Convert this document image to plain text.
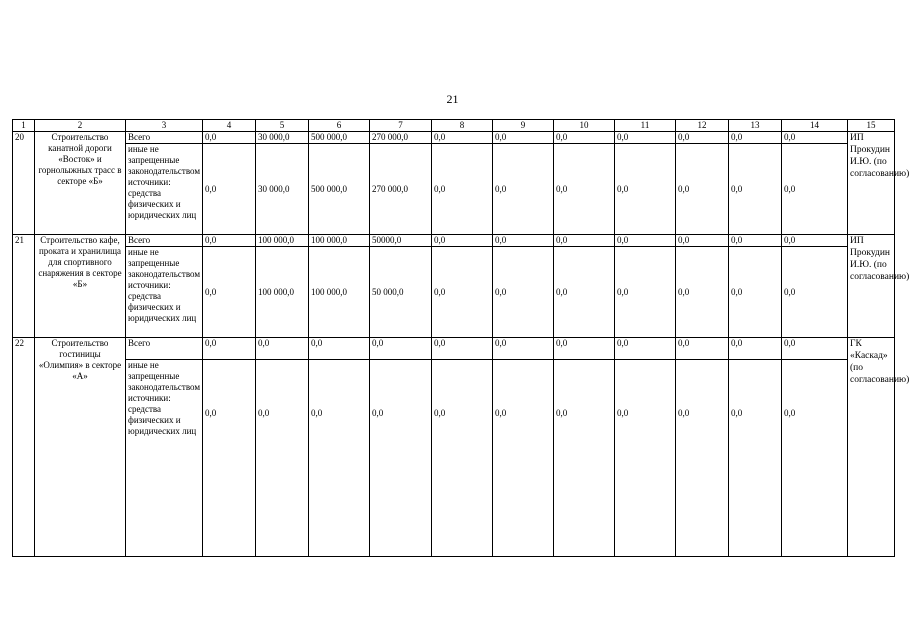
21
1	2	3	4	5	6	7	8	9	10	11	12	13	14	15
20	Строительство канатной дороги «Восток» и горнолыжных трасс в секторе «Б»	Всего	0,0	30 000,0	500 000,0	270 000,0	0,0	0,0	0,0	0,0	0,0	0,0	0,0	ИП Прокудин И.Ю. (по согласованию)
		иные не запрещенные законодательством источники: средства физических и юридических лиц	0,0	30 000,0	500 000,0	270 000,0	0,0	0,0	0,0	0,0	0,0	0,0	0,0	
21	Строительство кафе, проката и хранилища для спортивного снаряжения в секторе «Б»	Всего	0,0	100 000,0	100 000,0	50000,0	0,0	0,0	0,0	0,0	0,0	0,0	0,0	ИП Прокудин И.Ю. (по согласованию)
		иные не запрещенные законодательством источники: средства физических и юридических лиц	0,0	100 000,0	100 000,0	50 000,0	0,0	0,0	0,0	0,0	0,0	0,0	0,0	
22	Строительство гостиницы «Олимпия» в секторе «А»	Всего	0,0	0,0	0,0	0,0	0,0	0,0	0,0	0,0	0,0	0,0	0,0	ГК «Каскад» (по согласованию)
		иные не запрещенные законодательством источники: средства физических и юридических лиц	0,0	0,0	0,0	0,0	0,0	0,0	0,0	0,0	0,0	0,0	0,0	
